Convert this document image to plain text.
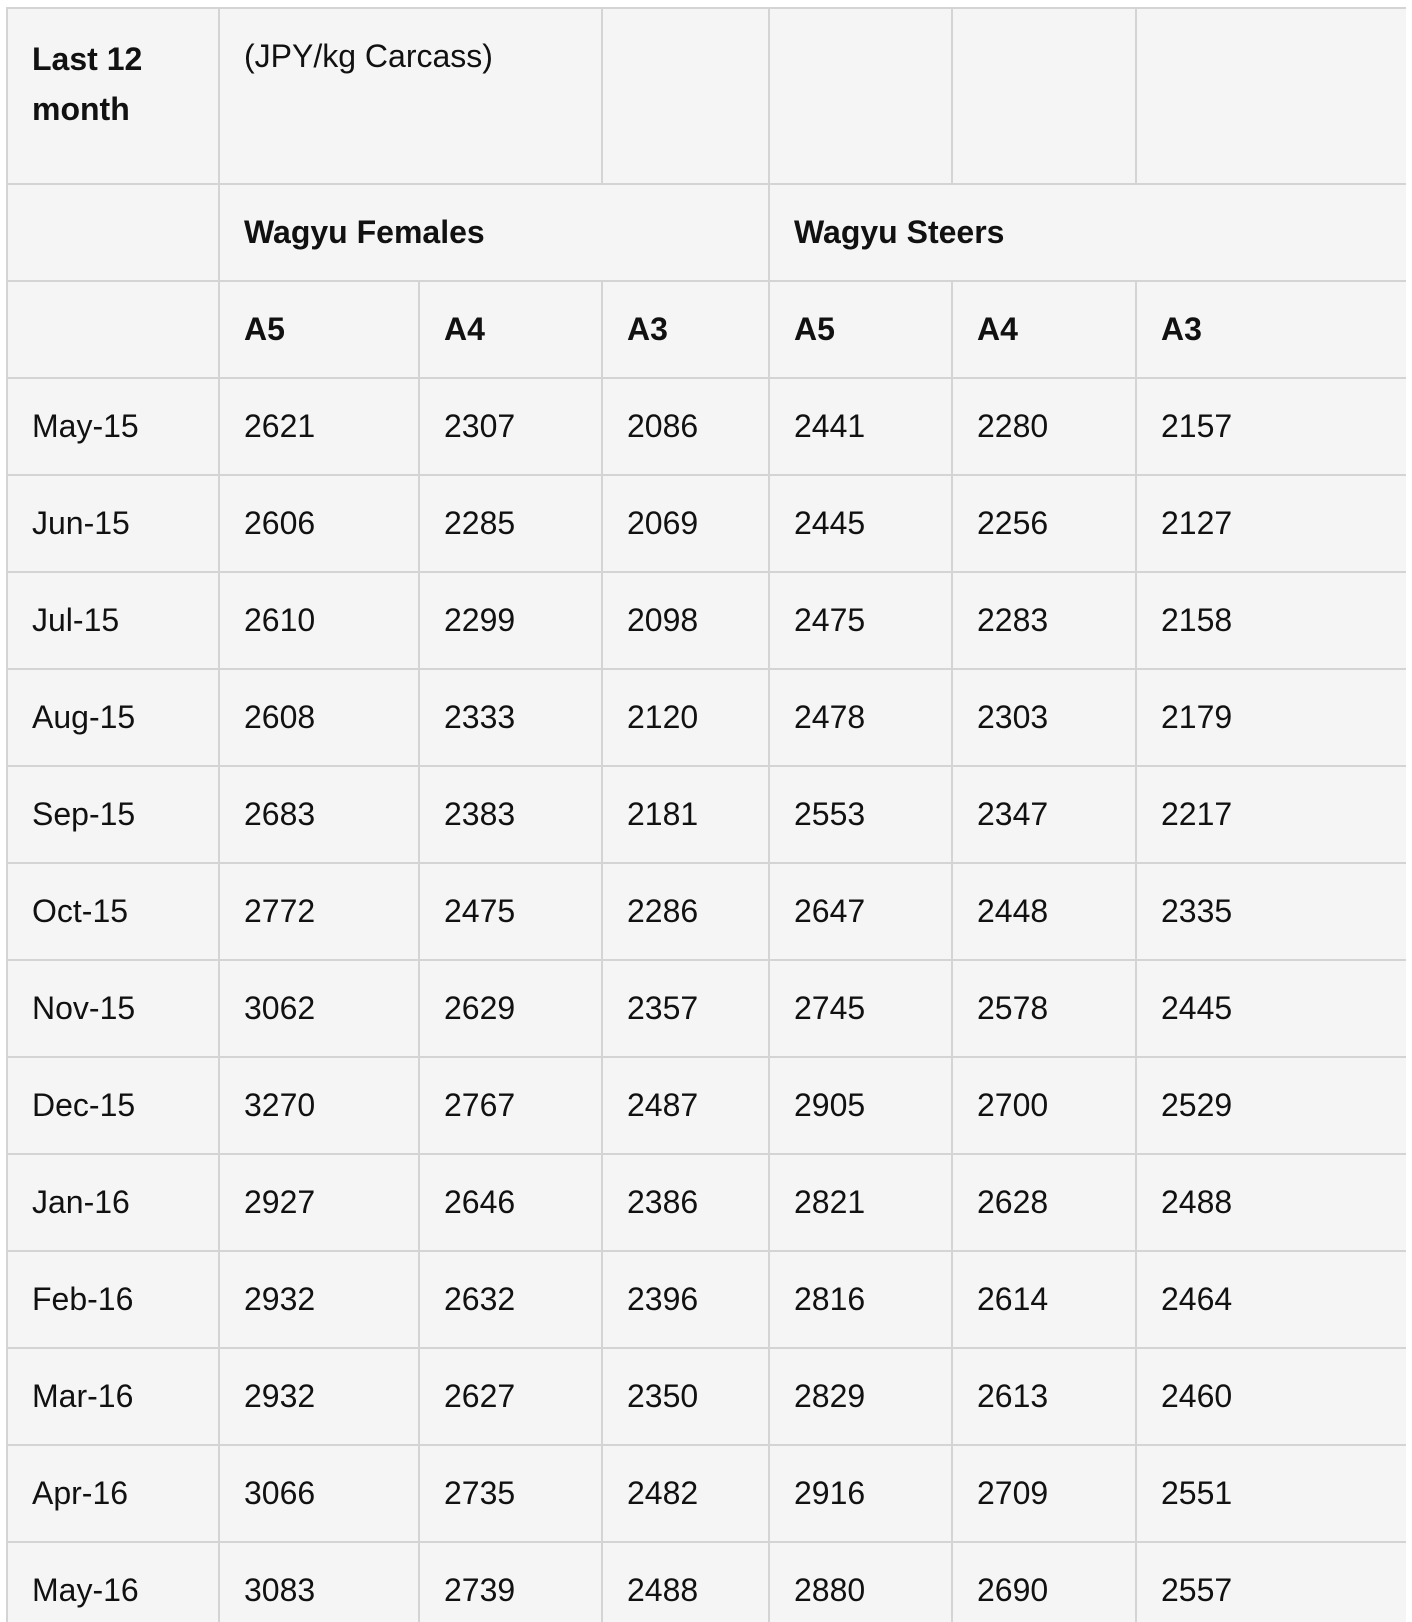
Last 12 month	(JPY/kg Carcass)					
	Wagyu Females			Wagyu Steers		
	A5	A4	A3	A5	A4	A3
May-15	2621	2307	2086	2441	2280	2157
Jun-15	2606	2285	2069	2445	2256	2127
Jul-15	2610	2299	2098	2475	2283	2158
Aug-15	2608	2333	2120	2478	2303	2179
Sep-15	2683	2383	2181	2553	2347	2217
Oct-15	2772	2475	2286	2647	2448	2335
Nov-15	3062	2629	2357	2745	2578	2445
Dec-15	3270	2767	2487	2905	2700	2529
Jan-16	2927	2646	2386	2821	2628	2488
Feb-16	2932	2632	2396	2816	2614	2464
Mar-16	2932	2627	2350	2829	2613	2460
Apr-16	3066	2735	2482	2916	2709	2551
May-16	3083	2739	2488	2880	2690	2557
